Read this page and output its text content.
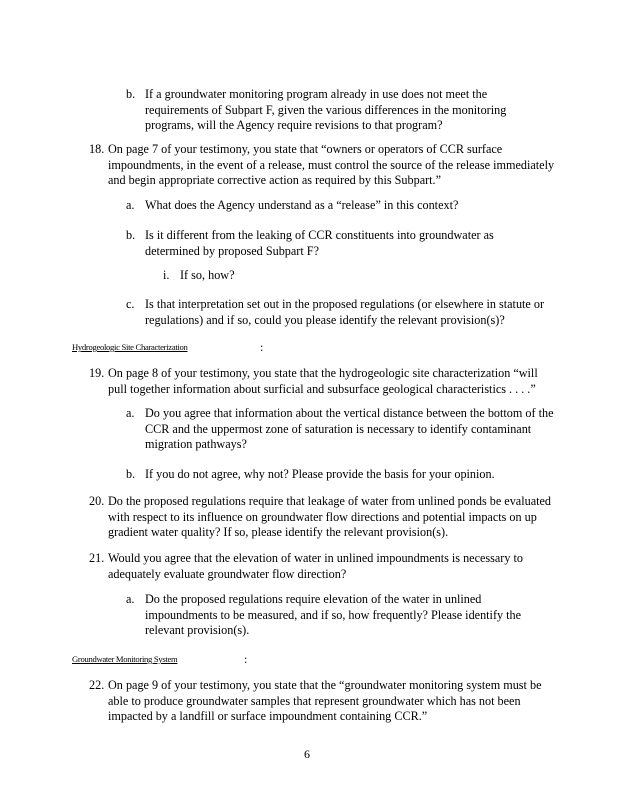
b. If a groundwater monitoring program already in use does not meet the requirements of Subpart F, given the various differences in the monitoring programs, will the Agency require revisions to that program?
18. On page 7 of your testimony, you state that “owners or operators of CCR surface impoundments, in the event of a release, must control the source of the release immediately and begin appropriate corrective action as required by this Subpart.”
a. What does the Agency understand as a “release” in this context?
b. Is it different from the leaking of CCR constituents into groundwater as determined by proposed Subpart F?
i. If so, how?
c. Is that interpretation set out in the proposed regulations (or elsewhere in statute or regulations) and if so, could you please identify the relevant provision(s)?
Hydrogeologic Site Characterization	:
19. On page 8 of your testimony, you state that the hydrogeologic site characterization “will pull together information about surficial and subsurface geological characteristics . . . .”
a. Do you agree that information about the vertical distance between the bottom of the CCR and the uppermost zone of saturation is necessary to identify contaminant migration pathways?
b. If you do not agree, why not? Please provide the basis for your opinion.
20. Do the proposed regulations require that leakage of water from unlined ponds be evaluated with respect to its influence on groundwater flow directions and potential impacts on up gradient water quality? If so, please identify the relevant provision(s).
21. Would you agree that the elevation of water in unlined impoundments is necessary to adequately evaluate groundwater flow direction?
a. Do the proposed regulations require elevation of the water in unlined impoundments to be measured, and if so, how frequently? Please identify the relevant provision(s).
Groundwater Monitoring System	:
22. On page 9 of your testimony, you state that the “groundwater monitoring system must be able to produce groundwater samples that represent groundwater which has not been impacted by a landfill or surface impoundment containing CCR.”
6
